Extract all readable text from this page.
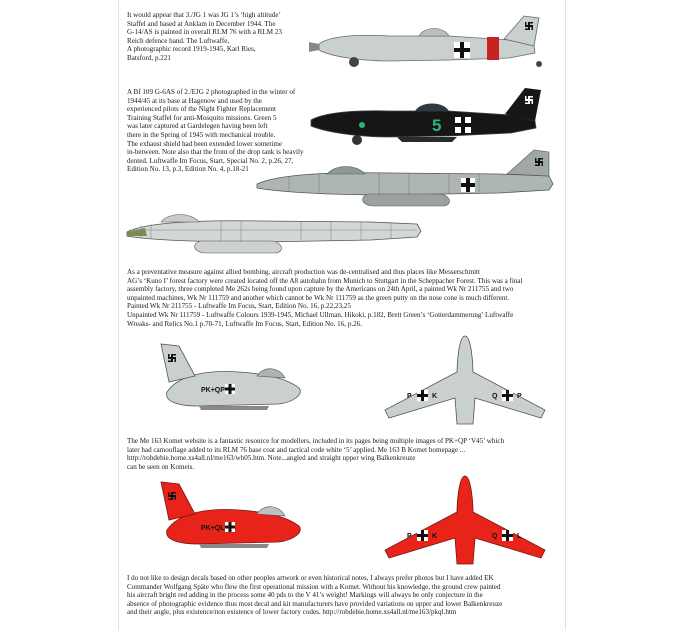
It would appear that 3./JG 1 was JG 1’s ‘high altitude’
Staffel and based at Anklam in December 1944. The
G-14/AS is painted in overall RLM 76 with a RLM 23
Reich defence band. The Luftwaffe,
A photographic record 1919-1945, Karl Ries,
Batsford, p.221
A Bf 109 G-6AS of 2./EJG 2 photographed in the winter of
1944/45 at its base at Hagenow and used by the
experienced pilots of the Night Fighter Replacement
Training Staffel for anti-Mosquito missions. Green 5
was later captured at Gardelegen having been left
there in the Spring of 1945 with mechanical trouble.
The exhaust shield had been extended lower sometime
in-between. Note also that the front of the drop tank is heavily
dented. Luftwaffe Im Focus, Start, Special No. 2, p.26, 27,
Edition No. 13, p.3, Edition No. 4, p.18-21
5
As a preventative measure against allied bombing, aircraft production was de-centralised and thus places like Messerschmitt
AG’s ‘Kuno I’ forest factory were created located off the A8 autobahn from Munich to Stuttgart in the Scheppacher Forest. This was a final
assembly factory, three completed Me 262s being found upon capture by the Americans on 24th April, a painted Wk Nr 211755 and two
unpainted machines, Wk Nr 111759 and another which cannot be Wk Nr 111759 as the green putty on the nose cone is much different.
Painted Wk Nr 211755 - Luftwaffe Im Focus, Start, Edition No. 16, p.22,23,25
Unpainted Wk Nr 111759 - Luftwaffe Colours 1939-1945, Michael Ullman, Hikoki, p.182, Brett Green’s ‘Gotterdammerung’ Luftwaffe
Wreaks- and Relics No.1 p.70-71, Luftwaffe Im Focus, Start, Edition No. 16, p.26.
PK+QP
P	K	Q	P
The Me 163 Komet website is a fantastic resource for modellers, included in its pages being multiple images of PK+QP ‘V45’ which
later had camouflage added to its RLM 76 base coat and tactical code white ‘5’ applied. Me 163 B Komet homepage ...
http://robdebie.home.xs4all.nl/me163/wh05.htm. Note...angled and straight upper wing Balkenkreuze
can be seen on Komets.
PK+QL
P	K	Q	L
I do not like to design decals based on other peoples artwork or even historical notes, I always prefer photos but I have added EK
Commander Wolfgang Späte who flew the first operational mission with a Komet. Without his knowledge, the ground crew painted
his aircraft bright red adding in the process some 40 pds to the V 41’s weight! Markings will always be only conjecture in the
absence of photographic evidence thus most decal and kit manufacturers have provided variations on upper and lower Balkenkreuze
and their angle, plus existence/non existence of lower factory codes. http://robdebie.home.xs4all.nl/me163/pkql.htm
